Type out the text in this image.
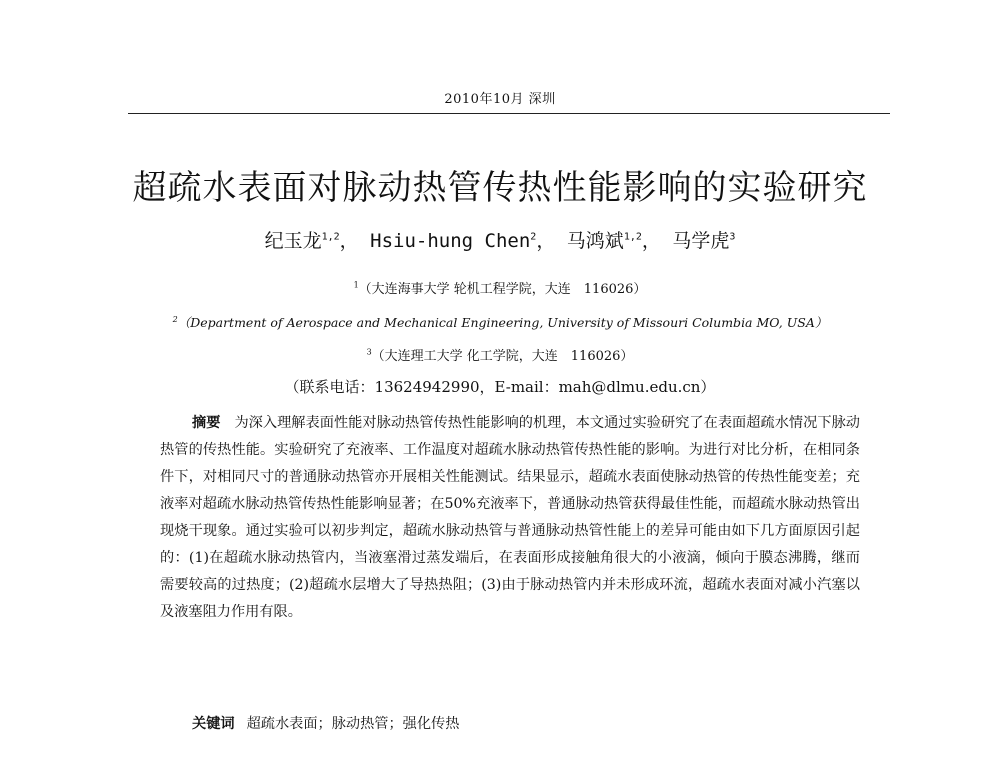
2010年10月 深圳
超疏水表面对脉动热管传热性能影响的实验研究
纪玉龙$^{1,2}$， Hsiu-hung Chen$^2$， 马鸿斌$^{1,2}$， 马学虎$^3$
$^1$（大连海事大学 轮机工程学院，大连　116026）
$^2$（Department of Aerospace and Mechanical Engineering, University of Missouri Columbia MO, USA）
$^3$（大连理工大学 化工学院，大连　116026）
（联系电话：13624942990，E-mail：mah@dlmu.edu.cn）

摘要 为深入理解表面性能对脉动热管传热性能影响的机理，本文通过实验研究了在表面超疏水情况下脉动热管的传热性能。实验研究了充液率、工作温度对超疏水脉动热管传热性能的影响。为进行对比分析，在相同条件下，对相同尺寸的普通脉动热管亦开展相关性能测试。结果显示，超疏水表面使脉动热管的传热性能变差；充液率对超疏水脉动热管传热性能影响显著；在50%充液率下，普通脉动热管获得最佳性能，而超疏水脉动热管出现烧干现象。通过实验可以初步判定，超疏水脉动热管与普通脉动热管性能上的差异可能由如下几方面原因引起的：(1)在超疏水脉动热管内，当液塞滑过蒸发端后，在表面形成接触角很大的小液滴，倾向于膜态沸腾，继而需要较高的过热度；(2)超疏水层增大了导热热阻；(3)由于脉动热管内并未形成环流，超疏水表面对减小汽塞以及液塞阻力作用有限。

关键词 超疏水表面；脉动热管；强化传热
